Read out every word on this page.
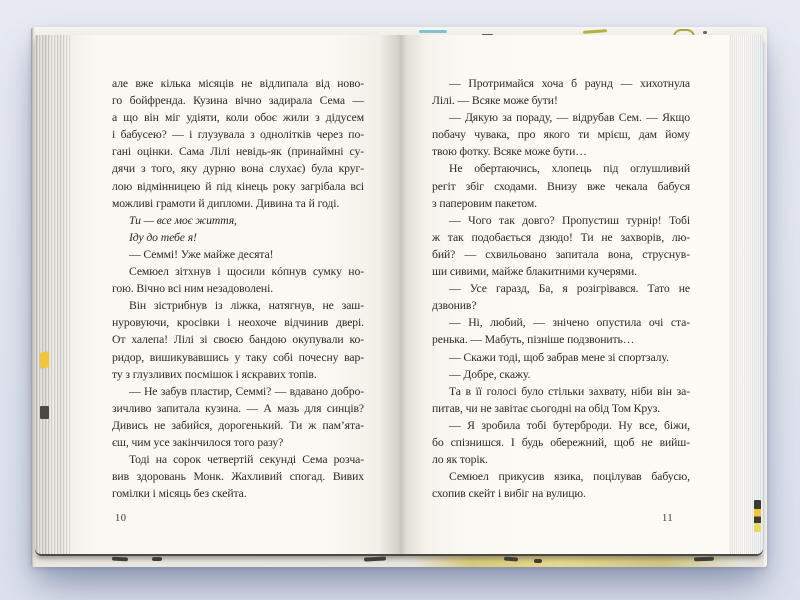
але вже кілька місяців не відлипала від ново-
го бойфренда. Кузина вічно задирала Сема —
а що він міг удіяти, коли обоє жили з дідусем
і бабусею? — і глузувала з однолітків через по-
гані оцінки. Сама Лілі невідь-як (принаймні су-
дячи з того, яку дурню вона слухає) була круг-
лою відмінницею й під кінець року загрібала всі
можливі грамоти й дипломи. Дивина та й годі.
Ти — все моє життя,
Іду до тебе я!
— Семмі! Уже майже десята!
Семюел зітхнув і щосили кóпнув сумку но-
гою. Вічно всі ним незадоволені.
Він зістрибнув із ліжка, натягнув, не заш-
нуровуючи, кросівки і неохоче відчинив двері.
От халепа! Лілі зі своєю бандою окупували ко-
ридор, вишикувавшись у таку собі почесну вар-
ту з глузливих посмішок і яскравих топів.
— Не забув пластир, Семмі? — вдавано добро-
зичливо запитала кузина. — А мазь для синців?
Дивись не забийся, дорогенький. Ти ж пам’ята-
єш, чим усе закінчилося того разу?
Тоді на сорок четвертій секунді Сема розча-
вив здоровань Монк. Жахливий спогад. Вивих
гомілки і місяць без скейта.
10
— Протримайся хоча б раунд — хихотнула
Лілі. — Всяке може бути!
— Дякую за пораду, — відрубав Сем. — Якщо
побачу чувака, про якого ти мрієш, дам йому
твою фотку. Всяке може бути…
Не обертаючись, хлопець під оглушливий
регіт збіг сходами. Внизу вже чекала бабуся
з паперовим пакетом.
— Чого так довго? Пропустиш турнір! Тобі
ж так подобається дзюдо! Ти не захворів, лю-
бий? — схвильовано запитала вона, струснув-
ши сивими, майже блакитними кучерями.
— Усе гаразд, Ба, я розігрівався. Тато не
дзвонив?
— Ні, любий, — знічено опустила очі ста-
ренька. — Мабуть, пізніше подзвонить…
— Скажи тоді, щоб забрав мене зі спортзалу.
— Добре, скажу.
Та в її голосі було стільки захвату, ніби він за-
питав, чи не завітає сьогодні на обід Том Круз.
— Я зробила тобі бутерброди. Ну все, біжи,
бо спізнишся. І будь обережний, щоб не вийш-
ло як торік.
Семюел прикусив язика, поцілував бабусю,
схопив скейт і вибіг на вулицю.
11
